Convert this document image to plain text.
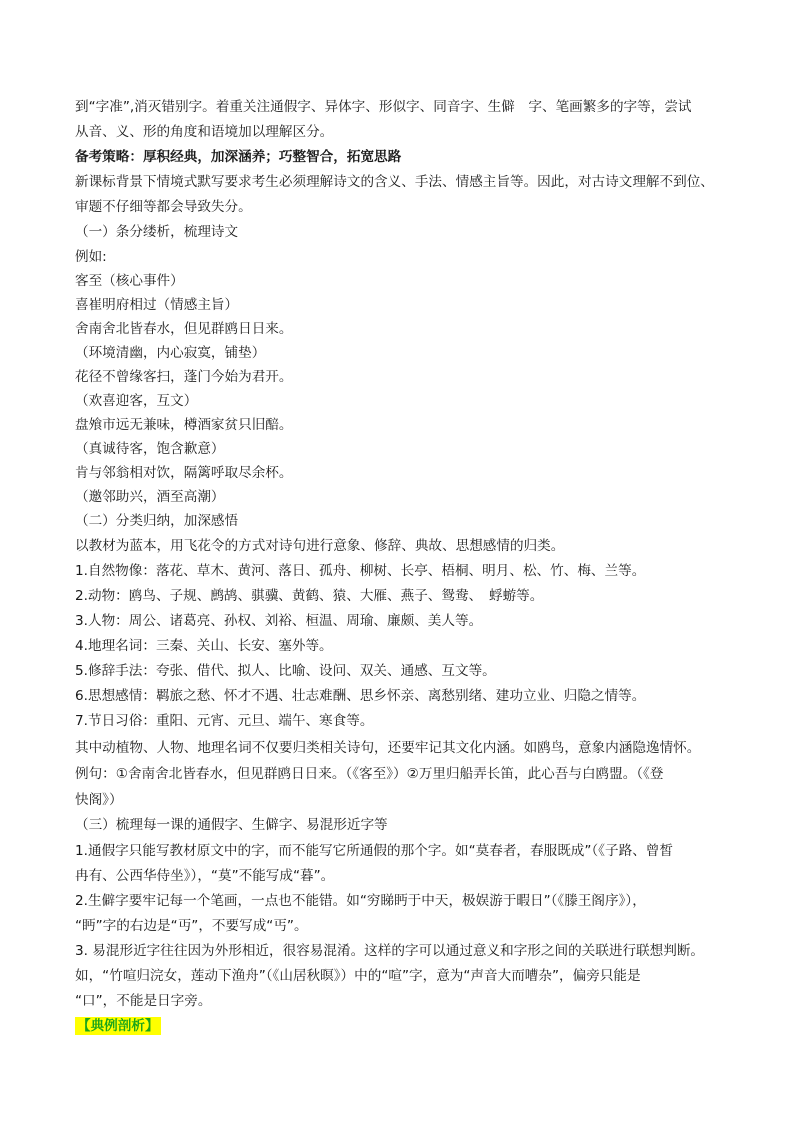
到“字准”,消灭错别字。着重关注通假字、异体字、形似字、同音字、生僻　字、笔画繁多的字等，尝试
从音、义、形的角度和语境加以理解区分。
备考策略：厚积经典，加深涵养；巧整智合，拓宽思路
新课标背景下情境式默写要求考生必须理解诗文的含义、手法、情感主旨等。因此，对古诗文理解不到位、
审题不仔细等都会导致失分。
（一）条分缕析，梳理诗文
例如:
客至（核心事件）
喜崔明府相过（情感主旨）
舍南舍北皆春水，但见群鸥日日来。
（环境清幽，内心寂寞，铺垫）
花径不曾缘客扫，蓬门今始为君开。
（欢喜迎客，互文）
盘飧市远无兼味，樽酒家贫只旧醅。
（真诚待客，饱含歉意）
肯与邻翁相对饮，隔篱呼取尽余杯。
（邀邻助兴，酒至高潮）
（二）分类归纳，加深感悟
以教材为蓝本，用飞花令的方式对诗句进行意象、修辞、典故、思想感情的归类。
1.自然物像：落花、草木、黄河、落日、孤舟、柳树、长亭、梧桐、明月、松、竹、梅、兰等。
2.动物：鸥鸟、子规、鹧鸪、骐骥、黄鹤、猿、大雁、燕子、鸳鸯、　蜉蝣等。
3.人物：周公、诸葛亮、孙权、刘裕、桓温、周瑜、廉颇、美人等。
4.地理名词：三秦、关山、长安、塞外等。
5.修辞手法：夸张、借代、拟人、比喻、设问、双关、通感、互文等。
6.思想感情：羁旅之愁、怀才不遇、壮志难酬、思乡怀亲、离愁别绪、建功立业、归隐之情等。
7.节日习俗：重阳、元宵、元旦、端午、寒食等。
其中动植物、人物、地理名词不仅要归类相关诗句，还要牢记其文化内涵。如鸥鸟，意象内涵隐逸情怀。
例句：①舍南舍北皆春水，但见群鸥日日来。（《客至》）②万里归船弄长笛，此心吾与白鸥盟。（《登
快阁》）
（三）梳理每一课的通假字、生僻字、易混形近字等
1.通假字只能写教材原文中的字，而不能写它所通假的那个字。如“莫春者，春服既成”（《子路、曾皙
冉有、公西华侍坐》），“莫”不能写成“暮”。
2.生僻字要牢记每一个笔画，一点也不能错。如“穷睇眄于中天，极娱游于暇日”（《滕王阁序》），
“眄”字的右边是“丏”，不要写成“丐”。
3. 易混形近字往往因为外形相近，很容易混淆。这样的字可以通过意义和字形之间的关联进行联想判断。
如，“竹喧归浣女，莲动下渔舟”（《山居秋暝》）中的“喧”字，意为“声音大而嘈杂”，偏旁只能是
“口”，不能是日字旁。
【典例剖析】
